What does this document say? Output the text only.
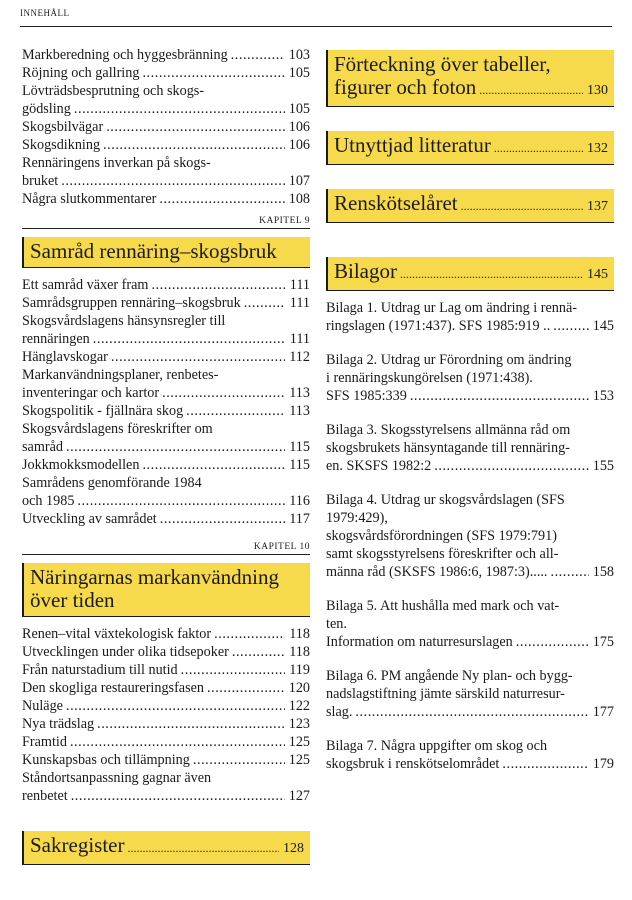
INNEHÅLL
Markberedning och hyggesbränning . . .	103
Röjning och gallring . . .	105
Lövträdsbesprutning och skogs-
gödsling . . .	105
Skogsbilvägar . . .	106
Skogsdikning . . .	106
Rennäringens inverkan på skogs-
bruket . . .	107
Några slutkommentarer . . .	108
KAPITEL 9
Samråd rennäring–skogsbruk
Ett samråd växer fram . . .	111
Samrådsgruppen rennäring–skogsbruk . . .	111
Skogsvårdslagens hänsynsregler till
rennäringen . . .	111
Hänglavskogar . . .	112
Markanvändningsplaner, renbetes-
inventeringar och kartor . . .	113
Skogspolitik - fjällnära skog . . .	113
Skogsvårdslagens föreskrifter om
samråd . . .	115
Jokkmokksmodellen . . .	115
Samrådens genomförande 1984
och 1985 . . .	116
Utveckling av samrådet . . .	117
KAPITEL 10
Näringarnas markanvändning
över tiden
Renen–vital växtekologisk faktor . . .	118
Utvecklingen under olika tidsepoker . . .	118
Från naturstadium till nutid . . .	119
Den skogliga restaureringsfasen . . .	120
Nuläge . . .	122
Nya trädslag . . .	123
Framtid . . .	125
Kunskapsbas och tillämpning . . .	125
Ståndortsanpassning gagnar även
renbetet . . .	127
Sakregister . . .	128
Förteckning över tabeller,
figurer och foton . . .	130
Utnyttjad litteratur . . .	132
Renskötselåret . . .	137
Bilagor . . .	145
Bilaga 1. Utdrag ur Lag om ändring i rennä-
ringslagen (1971:437). SFS 1985:919 .. . . .	145
Bilaga 2. Utdrag ur Förordning om ändring
i rennäringskungörelsen (1971:438).
SFS 1985:339 . . .	153
Bilaga 3. Skogsstyrelsens allmänna råd om
skogsbrukets hänsyntagande till rennäring-
en. SKSFS 1982:2 . . .	155
Bilaga 4. Utdrag ur skogsvårdslagen (SFS
1979:429),
skogsvårdsförordningen (SFS 1979:791)
samt skogsstyrelsens föreskrifter och all-
männa råd (SKSFS 1986:6, 1987:3)..... . . .	158
Bilaga 5. Att hushålla med mark och vat-
ten.
Information om naturresurslagen . . .	175
Bilaga 6. PM angående Ny plan- och bygg-
nadslagstiftning jämte särskild naturresur-
slag. . . .	177
Bilaga 7. Några uppgifter om skog och
skogsbruk i renskötselområdet . . .	179
